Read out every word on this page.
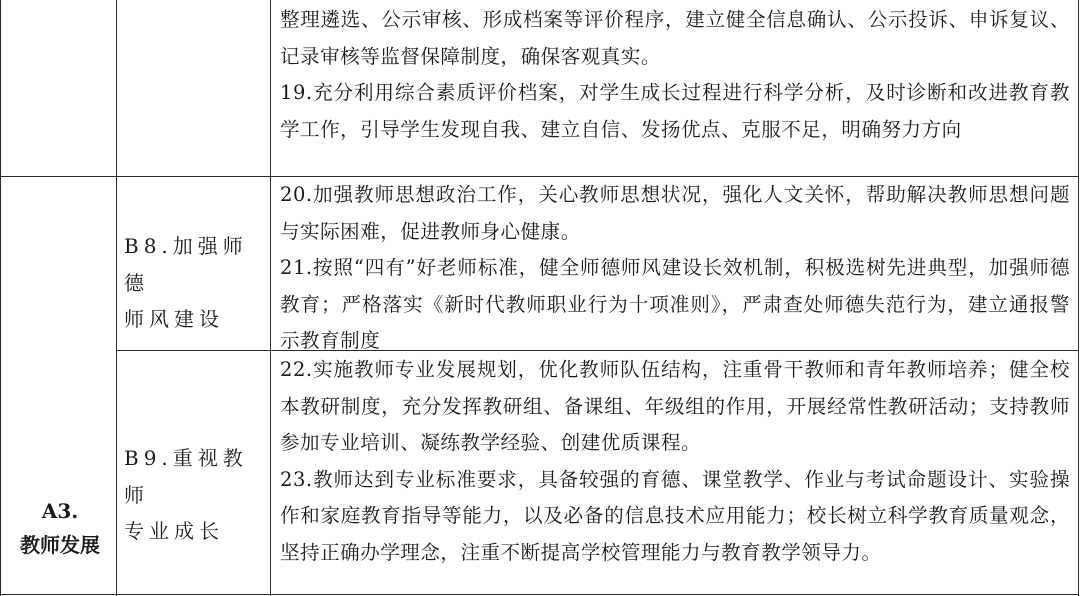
整理遴选、公示审核、形成档案等评价程序，建立健全信息确认、公示投诉、申诉复议、记录审核等监督保障制度，确保客观真实。
19.充分利用综合素质评价档案，对学生成长过程进行科学分析，及时诊断和改进教育教学工作，引导学生发现自我、建立自信、发扬优点、克服不足，明确努力方向
A3.
教师发展
B8.加强师德
师风建设
20.加强教师思想政治工作，关心教师思想状况，强化人文关怀，帮助解决教师思想问题与实际困难，促进教师身心健康。
21.按照“四有”好老师标准，健全师德师风建设长效机制，积极选树先进典型，加强师德教育；严格落实《新时代教师职业行为十项准则》，严肃查处师德失范行为，建立通报警示教育制度
B9.重视教师
专业成长
22.实施教师专业发展规划，优化教师队伍结构，注重骨干教师和青年教师培养；健全校本教研制度，充分发挥教研组、备课组、年级组的作用，开展经常性教研活动；支持教师参加专业培训、凝练教学经验、创建优质课程。
23.教师达到专业标准要求，具备较强的育德、课堂教学、作业与考试命题设计、实验操作和家庭教育指导等能力，以及必备的信息技术应用能力；校长树立科学教育质量观念，坚持正确办学理念，注重不断提高学校管理能力与教育教学领导力。
